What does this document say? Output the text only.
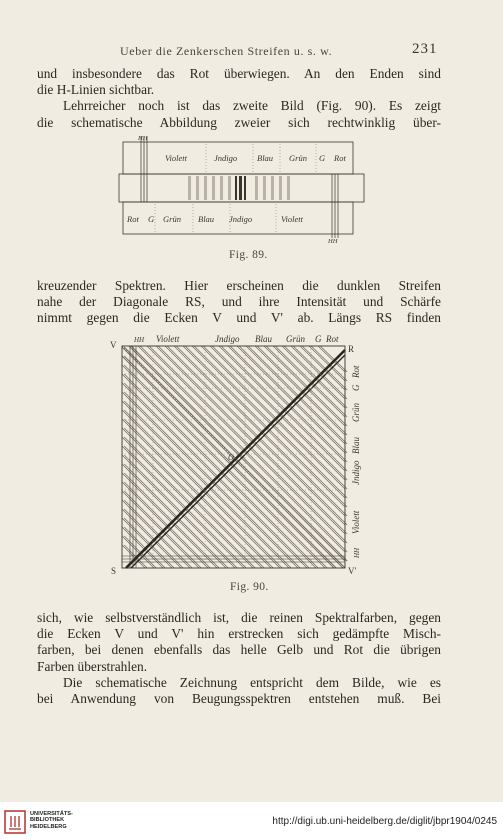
Ueber die Zenkerschen Streifen u. s. w.	231
und insbesondere das Rot überwiegen. An den Enden sind
die H-Linien sichtbar.
Lehrreicher noch ist das zweite Bild (Fig. 90). Es zeigt
die schematische Abbildung zweier sich rechtwinklig über-
HH
Violett	Jndigo Blau Grün G Rot
Rot G Grün Blau Jndigo	Violett
HH
Fig. 89.
kreuzender Spektren. Hier erscheinen die dunklen Streifen
nahe der Diagonale RS, und ihre Intensität und Schärfe
nimmt gegen die Ecken V und V' ab. Längs RS finden
V	R
S	V'
O
HH Violett	Jndigo Blau Grün G Rot
Rot
G
Grün
Blau
Jndigo
Violett
HH
Fig. 90.
sich, wie selbstverständlich ist, die reinen Spektralfarben, gegen
die Ecken V und V' hin erstrecken sich gedämpfte Misch-
farben, bei denen ebenfalls das helle Gelb und Rot die übrigen
Farben überstrahlen.
Die schematische Zeichnung entspricht dem Bilde, wie es
bei Anwendung von Beugungsspektren entstehen muß. Bei
UNIVERSITÄTS-
BIBLIOTHEK
HEIDELBERG	http://digi.ub.uni-heidelberg.de/diglit/jbpr1904/0245
